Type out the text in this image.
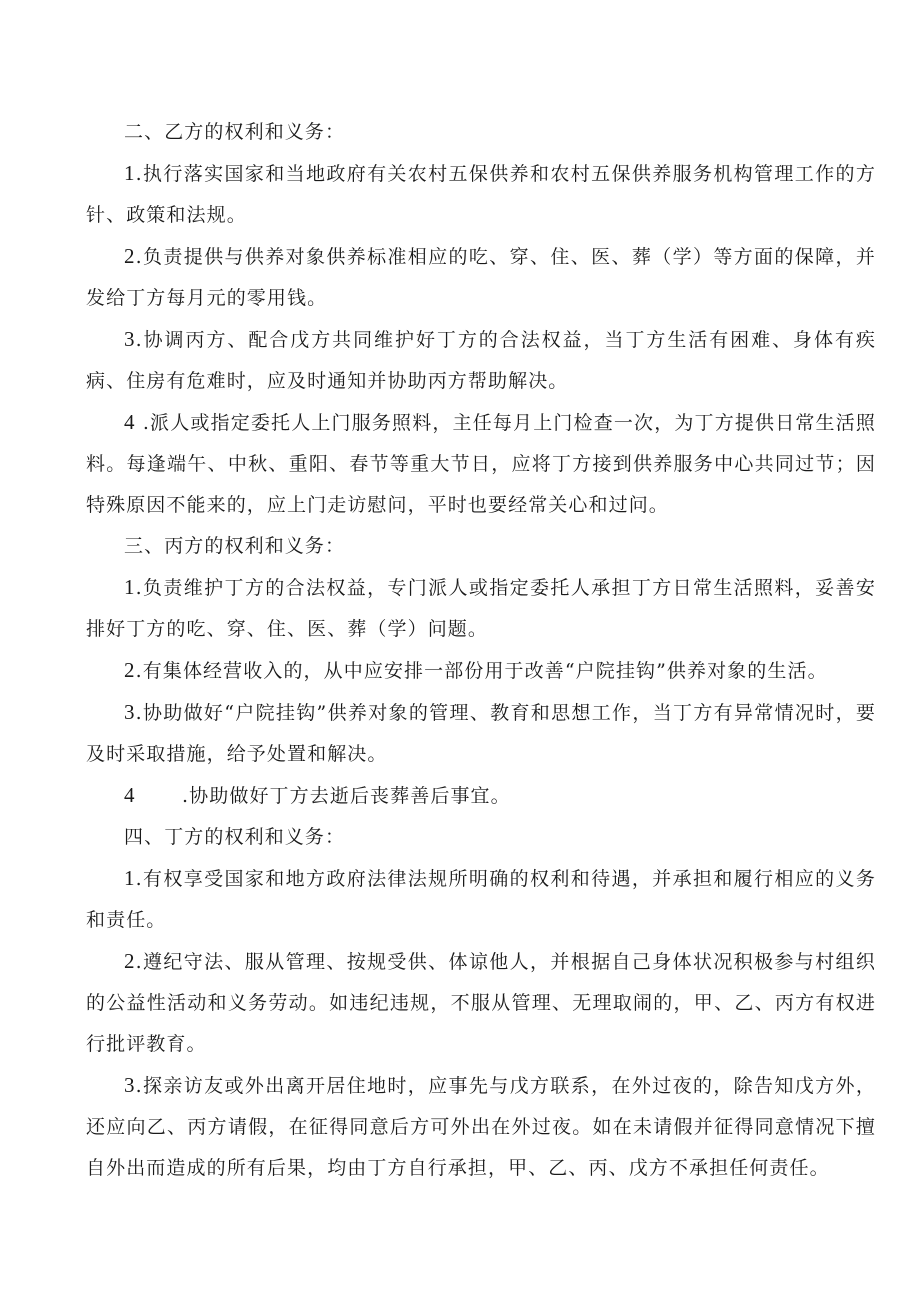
二、乙方的权利和义务：

1.执行落实国家和当地政府有关农村五保供养和农村五保供养服务机构管理工作的方针、政策和法规。

2.负责提供与供养对象供养标准相应的吃、穿、住、医、葬（学）等方面的保障，并发给丁方每月元的零用钱。

3.协调丙方、配合戊方共同维护好丁方的合法权益，当丁方生活有困难、身体有疾病、住房有危难时，应及时通知并协助丙方帮助解决。

4 .派人或指定委托人上门服务照料，主任每月上门检查一次，为丁方提供日常生活照料。每逢端午、中秋、重阳、春节等重大节日，应将丁方接到供养服务中心共同过节；因特殊原因不能来的，应上门走访慰问，平时也要经常关心和过问。

三、丙方的权利和义务：

1.负责维护丁方的合法权益，专门派人或指定委托人承担丁方日常生活照料，妥善安排好丁方的吃、穿、住、医、葬（学）问题。

2.有集体经营收入的，从中应安排一部份用于改善“户院挂钩”供养对象的生活。

3.协助做好“户院挂钩”供养对象的管理、教育和思想工作，当丁方有异常情况时，要及时采取措施，给予处置和解决。

4 .协助做好丁方去逝后丧葬善后事宜。

四、丁方的权利和义务：

1.有权享受国家和地方政府法律法规所明确的权利和待遇，并承担和履行相应的义务和责任。

2.遵纪守法、服从管理、按规受供、体谅他人，并根据自己身体状况积极参与村组织的公益性活动和义务劳动。如违纪违规，不服从管理、无理取闹的，甲、乙、丙方有权进行批评教育。

3.探亲访友或外出离开居住地时，应事先与戊方联系，在外过夜的，除告知戊方外，还应向乙、丙方请假，在征得同意后方可外出在外过夜。如在未请假并征得同意情况下擅自外出而造成的所有后果，均由丁方自行承担，甲、乙、丙、戊方不承担任何责任。
